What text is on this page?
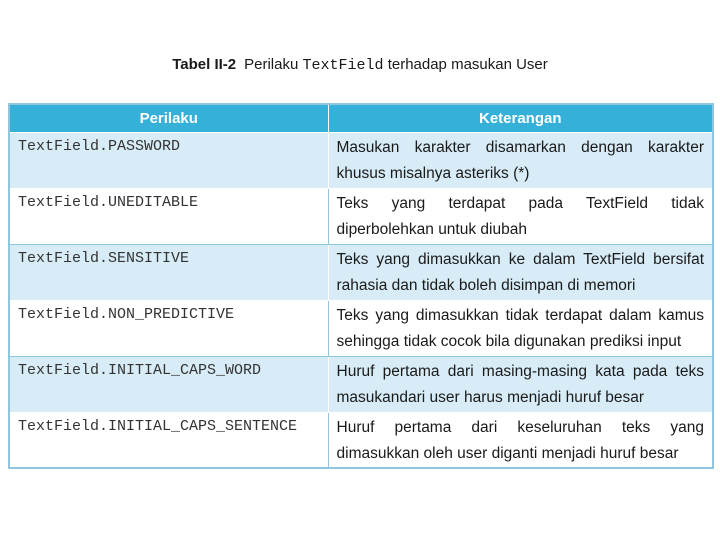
Tabel II-2 Perilaku TextField terhadap masukan User
Perilaku	Keterangan
TextField.PASSWORD	Masukan karakter disamarkan dengan karakter khusus misalnya asteriks (*)
TextField.UNEDITABLE	Teks yang terdapat pada TextField tidak diperbolehkan untuk diubah
TextField.SENSITIVE	Teks yang dimasukkan ke dalam TextField bersifat rahasia dan tidak boleh disimpan di memori
TextField.NON_PREDICTIVE	Teks yang dimasukkan tidak terdapat dalam kamus sehingga tidak cocok bila digunakan prediksi input
TextField.INITIAL_CAPS_WORD	Huruf pertama dari masing-masing kata pada teks masukandari user harus menjadi huruf besar
TextField.INITIAL_CAPS_SENTENCE	Huruf pertama dari keseluruhan teks yang dimasukkan oleh user diganti menjadi huruf besar
